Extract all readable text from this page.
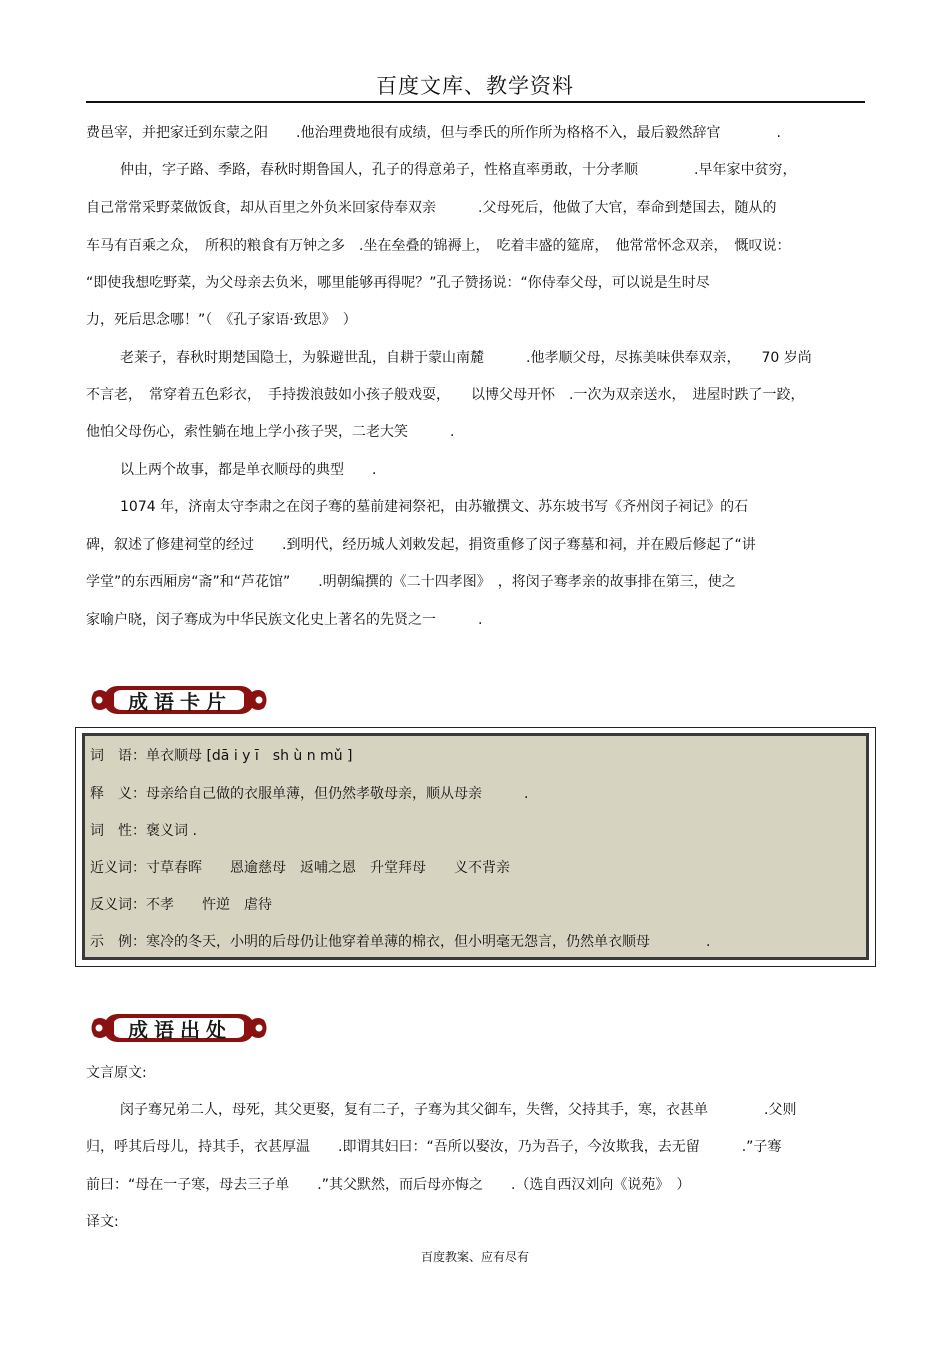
百度文库、教学资料
费邑宰，并把家迁到东蒙之阳　　.他治理费地很有成绩，但与季氏的所作所为格格不入，最后毅然辞官　　　　.
仲由，字子路、季路，春秋时期鲁国人，孔子的得意弟子，性格直率勇敢，十分孝顺　　　　.早年家中贫穷，
自己常常采野菜做饭食，却从百里之外负米回家侍奉双亲　　　.父母死后，他做了大官，奉命到楚国去，随从的
车马有百乘之众，　所积的粮食有万钟之多　.坐在垒叠的锦褥上，　吃着丰盛的筵席，　他常常怀念双亲，　慨叹说：
“即使我想吃野菜，为父母亲去负米，哪里能够再得呢？”孔子赞扬说：“你侍奉父母，可以说是生时尽
力，死后思念哪！”（　《孔子家语·致思》　）
老莱子，春秋时期楚国隐士，为躲避世乱，自耕于蒙山南麓　　　.他孝顺父母，尽拣美味供奉双亲，　　70 岁尚
不言老，　常穿着五色彩衣，　手持拨浪鼓如小孩子般戏耍，　　以博父母开怀　.一次为双亲送水，　进屋时跌了一跤，
他怕父母伤心，索性躺在地上学小孩子哭，二老大笑　　　.
以上两个故事，都是单衣顺母的典型　　.
1074 年，济南太守李肃之在闵子骞的墓前建祠祭祀，由苏辙撰文、苏东坡书写《齐州闵子祠记》的石
碑，叙述了修建祠堂的经过　　.到明代，经历城人刘敕发起，捐资重修了闵子骞墓和祠，并在殿后修起了“讲
学堂”的东西厢房“斋”和“芦花馆”　　.明朝编撰的《二十四孝图》　，将闵子骞孝亲的故事排在第三，使之
家喻户晓，闵子骞成为中华民族文化史上著名的先贤之一　　　.
成语卡片
词　语：单衣顺母 [dā i y ī　sh ù n mǔ ]
释　义：母亲给自己做的衣服单薄，但仍然孝敬母亲，顺从母亲　　　.
词　性：褒义词 .
近义词：寸草春晖　　恩逾慈母　返哺之恩　升堂拜母　　义不背亲
反义词：不孝　　忤逆　虐待
示　例：寒冷的冬天，小明的后母仍让他穿着单薄的棉衣，但小明毫无怨言，仍然单衣顺母　　　　.
成语出处
文言原文:
闵子骞兄弟二人，母死，其父更娶，复有二子，子骞为其父御车，失辔，父持其手，寒，衣甚单　　　　.父则
归，呼其后母儿，持其手，衣甚厚温　　.即谓其妇曰：“吾所以娶汝，乃为吾子，今汝欺我，去无留　　　.”子骞
前曰：“母在一子寒，母去三子单　　.”其父默然，而后母亦悔之　　.（选自西汉刘向《说苑》　）
译文:
百度教案、应有尽有
